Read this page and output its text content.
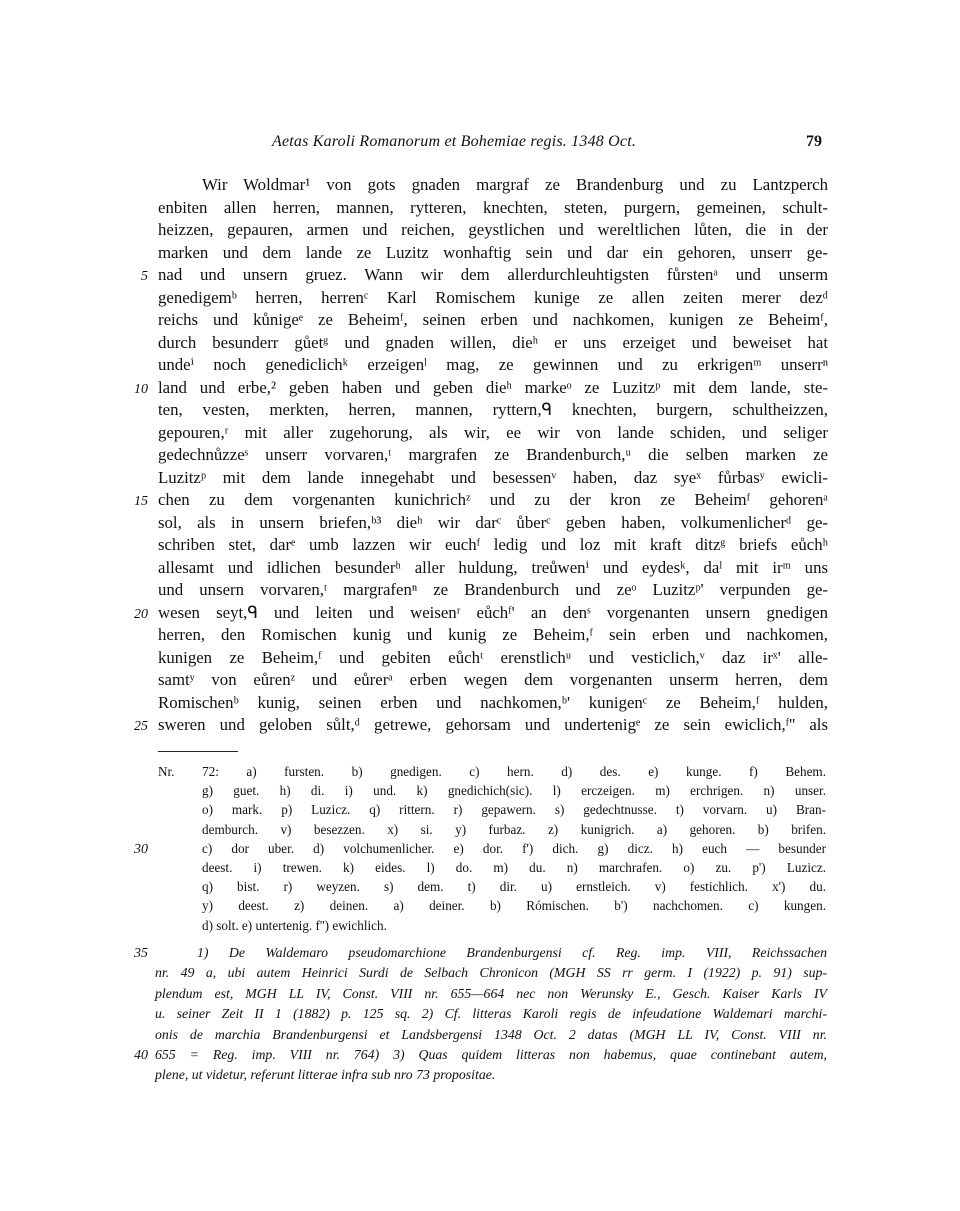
Aetas Karoli Romanorum et Bohemiae regis. 1348 Oct.	79
Wir Woldmar¹ von gots gnaden margraf ze Brandenburg und zu Lantzperch
enbiten allen herren, mannen, rytteren, knechten, steten, purgern, gemeinen, schult-
heizzen, gepauren, armen und reichen, geystlichen und wereltlichen lůten, die in der
marken und dem lande ze Luzitz wonhaftig sein und dar ein gehoren, unserr ge-
nad und unsern gruez. Wann wir dem allerdurchleuhtigsten fůrstenᵃ und unserm
genedigemᵇ herren, herrenᶜ Karl Romischem kunige ze allen zeiten merer dezᵈ
reichs und kůnigeᵉ ze Beheimᶠ, seinen erben und nachkomen, kunigen ze Beheimᶠ,
durch besunderr gůetᵍ und gnaden willen, dieʰ er uns erzeiget und beweiset hat
undeⁱ noch genediclichᵏ erzeigenˡ mag, ze gewinnen und zu erkrigenᵐ unserrⁿ
land und erbe,² geben haben und geben dieʰ markeᵒ ze Luzitzᵖ mit dem lande, ste-
ten, vesten, merkten, herren, mannen, ryttern,ᑫ knechten, burgern, schultheizzen,
gepouren,ʳ mit aller zugehorung, als wir, ee wir von lande schiden, und seliger
gedechnůzzeˢ unserr vorvaren,ᵗ margrafen ze Brandenburch,ᵘ die selben marken ze
Luzitzᵖ mit dem lande innegehabt und besessenᵛ haben, daz syeˣ fůrbasʸ ewicli-
chen zu dem vorgenanten kunichrichᶻ und zu der kron ze Beheimᶠ gehorenᵃ
sol, als in unsern briefen,ᵇ³ dieʰ wir darᶜ ůberᶜ geben haben, volkumenlicherᵈ ge-
schriben stet, darᵉ umb lazzen wir euchᶠ ledig und loz mit kraft ditzᵍ briefs eůchʰ
allesamt und idlichen besunderʰ aller huldung, treůwenⁱ und eydesᵏ, daˡ mit irᵐ uns
und unsern vorvaren,ᵗ margrafenⁿ ze Brandenburch und zeᵒ Luzitzᵖ' verpunden ge-
wesen seyt,ᑫ und leiten und weisenʳ eůchᶠ' an denˢ vorgenanten unsern gnedigen
herren, den Romischen kunig und kunig ze Beheim,ᶠ sein erben und nachkomen,
kunigen ze Beheim,ᶠ und gebiten eůchᵗ erenstlichᵘ und vesticlich,ᵛ daz irˣ' alle-
samtʸ von eůrenᶻ und eůrerᵃ erben wegen dem vorgenanten unserm herren, dem
Romischenᵇ kunig, seinen erben und nachkomen,ᵇ' kunigenᶜ ze Beheim,ᶠ hulden,
sweren und geloben sůlt,ᵈ getrewe, gehorsam und undertenigᵉ ze sein ewiclich,ᶠ'' als
5
10
15
20
25
Nr. 72: a) fursten. b) gnedigen. c) hern. d) des. e) kunge. f) Behem.
g) guet. h) di. i) und. k) gnedichich(sic). l) erczeigen. m) erchrigen. n) unser.
o) mark. p) Luzicz. q) rittern. r) gepawern. s) gedechtnusse. t) vorvarn. u) Bran-
demburch. v) besezzen. x) si. y) furbaz. z) kunigrich. a) gehoren. b) brifen.
c) dor uber. d) volchumenlicher. e) dor. f') dich. g) dicz. h) euch — besunder
deest. i) trewen. k) eides. l) do. m) du. n) marchrafen. o) zu. p') Luzicz.
q) bist. r) weyzen. s) dem. t) dir. u) ernstleich. v) festichlich. x') du.
y) deest. z) deinen. a) deiner. b) Rómischen. b') nachchomen. c) kungen.
d) solt. e) untertenig. f'') ewichlich.
30
1) De Waldemaro pseudomarchione Brandenburgensi cf. Reg. imp. VIII, Reichssachen
nr. 49 a, ubi autem Heinrici Surdi de Selbach Chronicon (MGH SS rr germ. I (1922) p. 91) sup-
plendum est, MGH LL IV, Const. VIII nr. 655—664 nec non Werunsky E., Gesch. Kaiser Karls IV
u. seiner Zeit II 1 (1882) p. 125 sq. 2) Cf. litteras Karoli regis de infeudatione Waldemari marchi-
onis de marchia Brandenburgensi et Landsbergensi 1348 Oct. 2 datas (MGH LL IV, Const. VIII nr.
655 = Reg. imp. VIII nr. 764) 3) Quas quidem litteras non habemus, quae continebant autem,
plene, ut videtur, referunt litterae infra sub nro 73 propositae.
35
40
